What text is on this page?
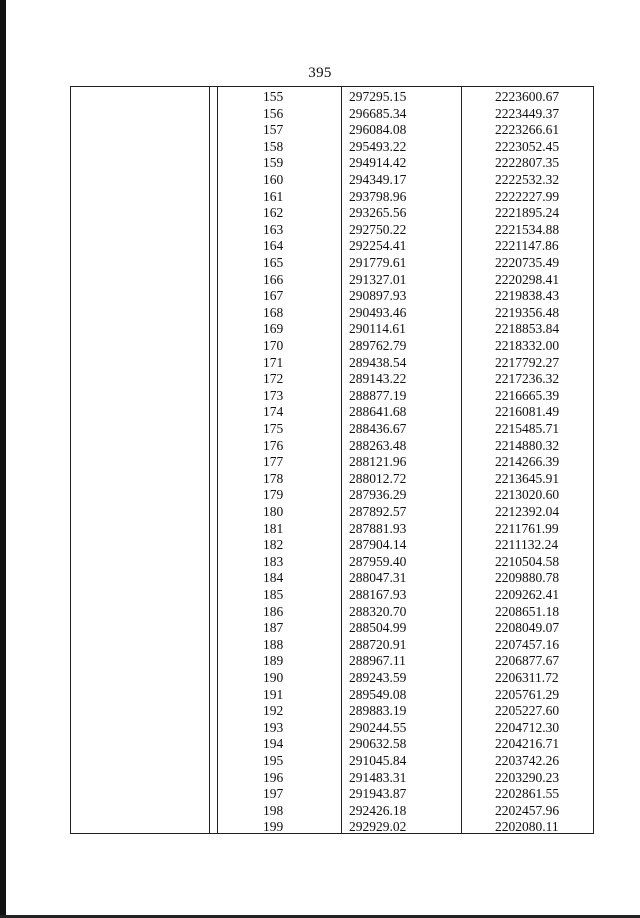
395
155	297295.15	2223600.67
156	296685.34	2223449.37
157	296084.08	2223266.61
158	295493.22	2223052.45
159	294914.42	2222807.35
160	294349.17	2222532.32
161	293798.96	2222227.99
162	293265.56	2221895.24
163	292750.22	2221534.88
164	292254.41	2221147.86
165	291779.61	2220735.49
166	291327.01	2220298.41
167	290897.93	2219838.43
168	290493.46	2219356.48
169	290114.61	2218853.84
170	289762.79	2218332.00
171	289438.54	2217792.27
172	289143.22	2217236.32
173	288877.19	2216665.39
174	288641.68	2216081.49
175	288436.67	2215485.71
176	288263.48	2214880.32
177	288121.96	2214266.39
178	288012.72	2213645.91
179	287936.29	2213020.60
180	287892.57	2212392.04
181	287881.93	2211761.99
182	287904.14	2211132.24
183	287959.40	2210504.58
184	288047.31	2209880.78
185	288167.93	2209262.41
186	288320.70	2208651.18
187	288504.99	2208049.07
188	288720.91	2207457.16
189	288967.11	2206877.67
190	289243.59	2206311.72
191	289549.08	2205761.29
192	289883.19	2205227.60
193	290244.55	2204712.30
194	290632.58	2204216.71
195	291045.84	2203742.26
196	291483.31	2203290.23
197	291943.87	2202861.55
198	292426.18	2202457.96
199	292929.02	2202080.11
